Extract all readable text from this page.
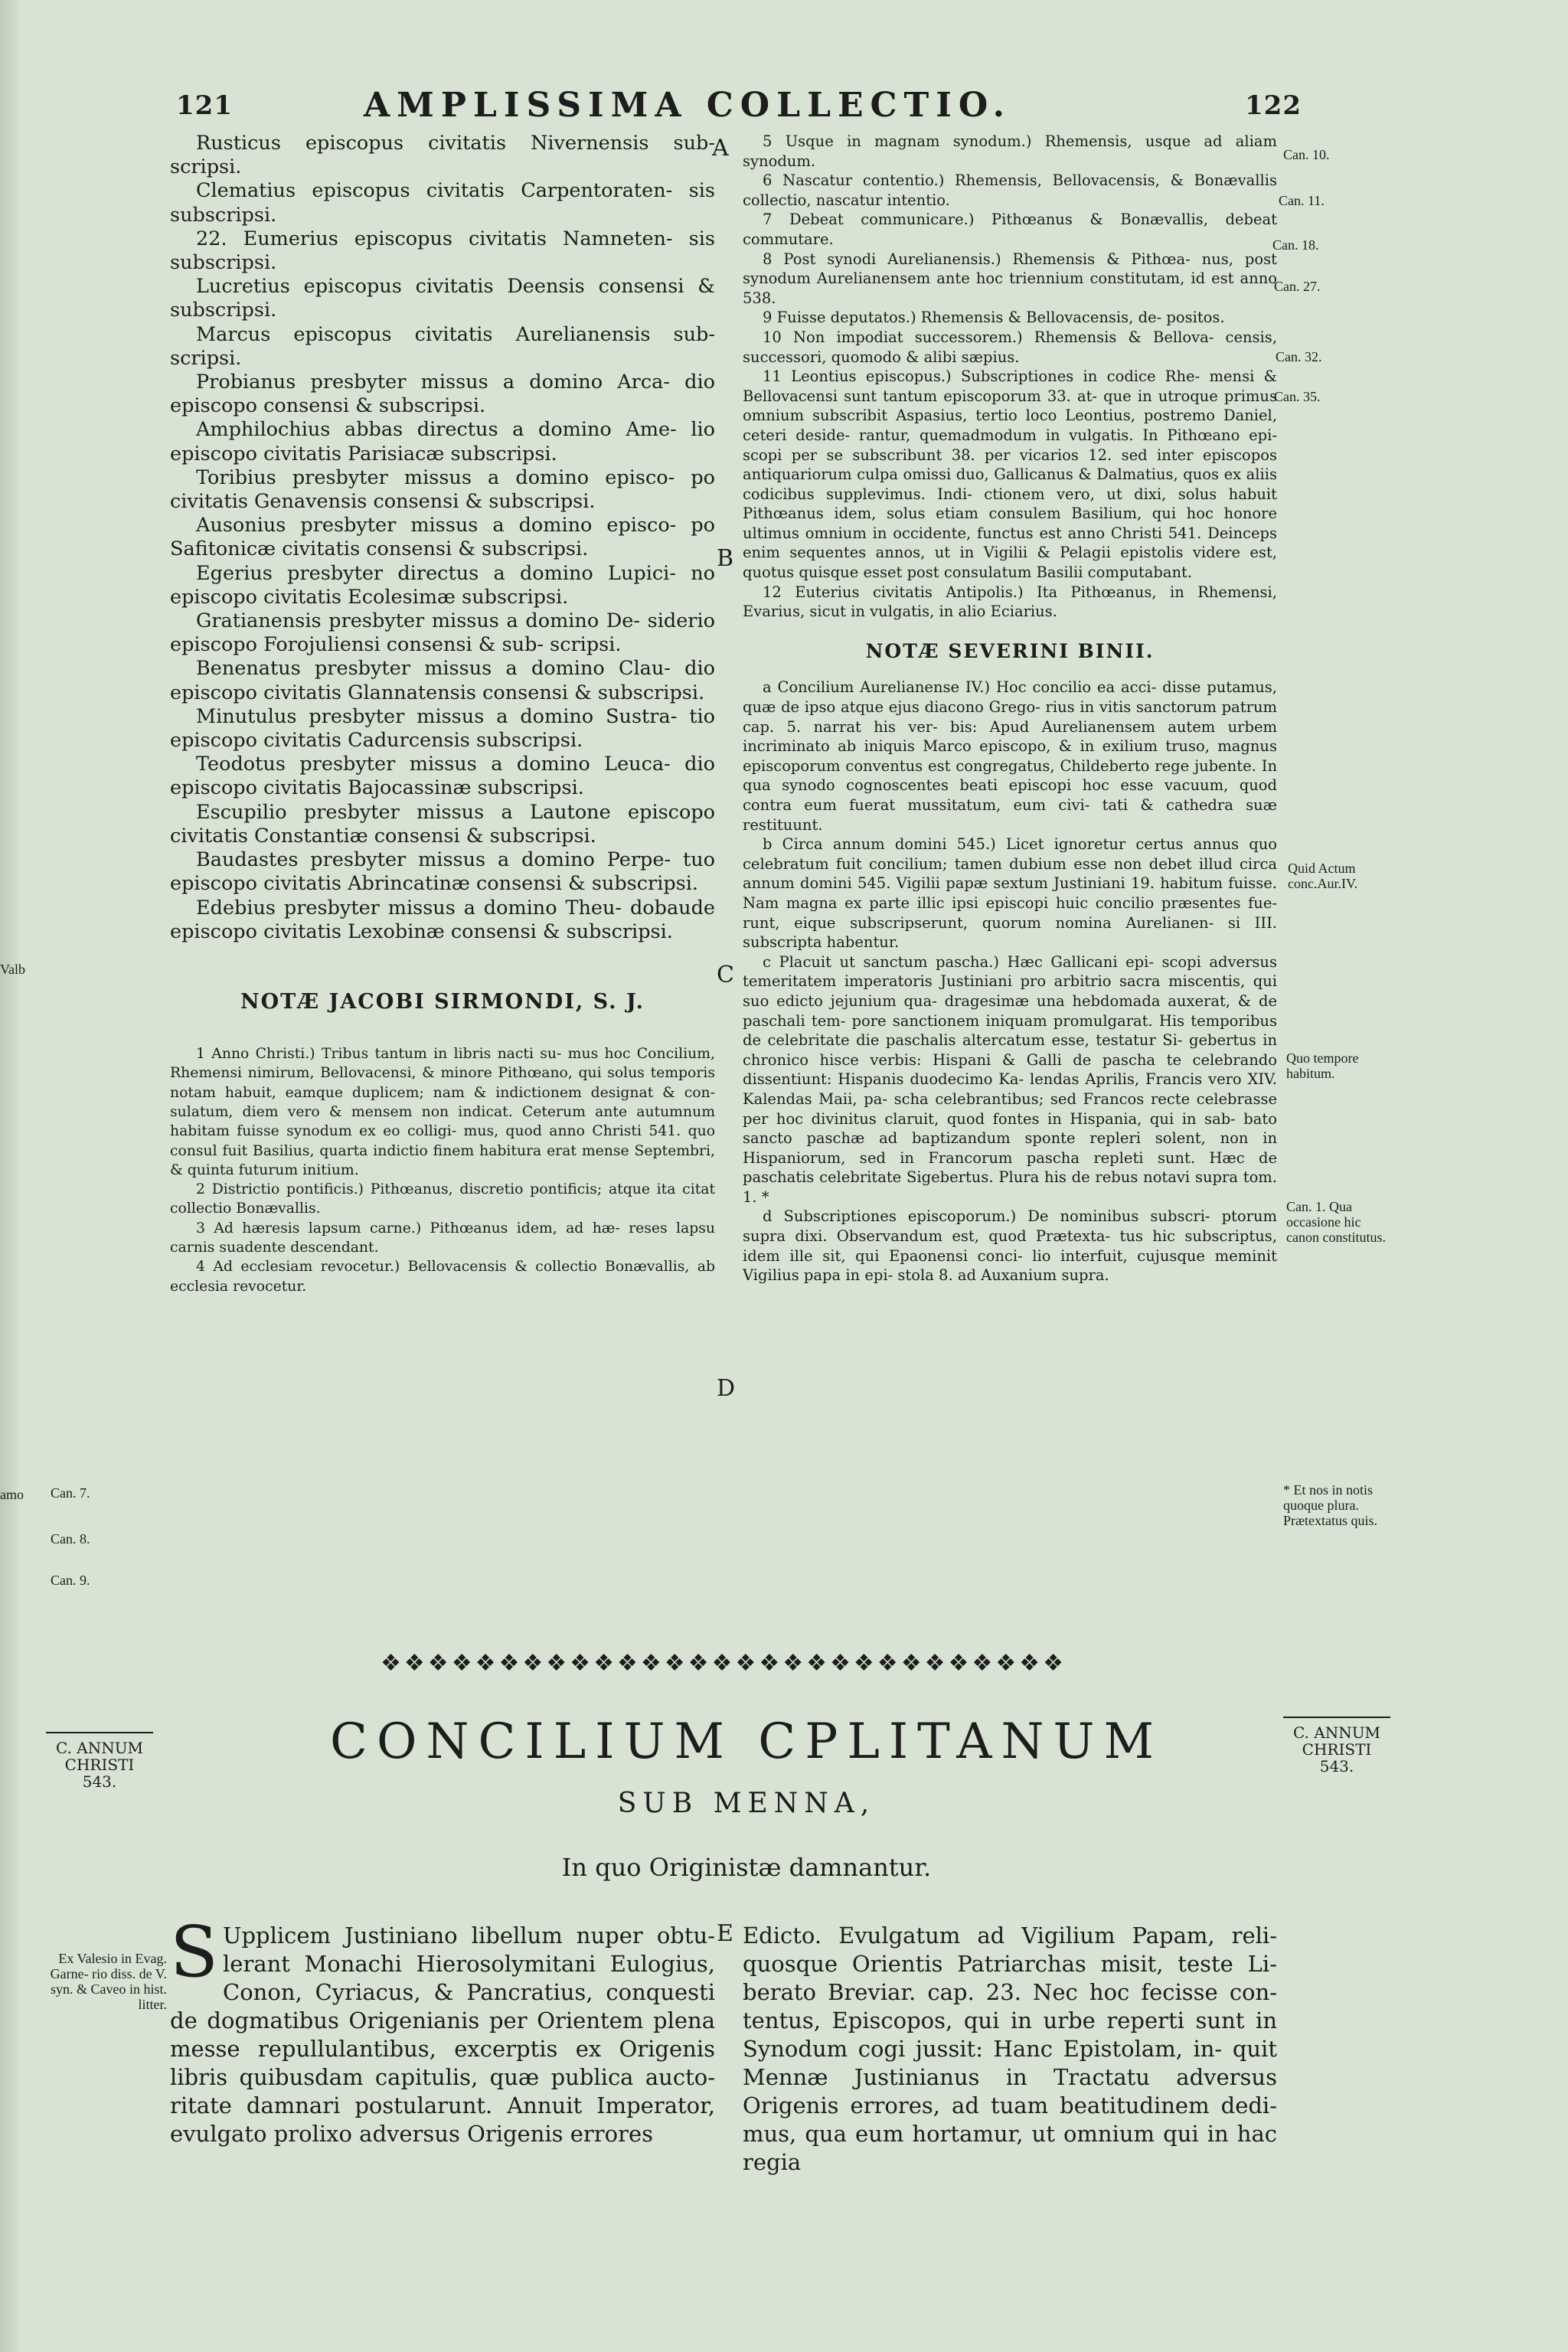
Valb
amo
121	AMPLISSIMA COLLECTIO.	122

Rusticus episcopus civitatis Nivernensis sub- scripsi.

Clematius episcopus civitatis Carpentoraten- sis subscripsi.

22. Eumerius episcopus civitatis Namneten- sis subscripsi.

Lucretius episcopus civitatis Deensis consensi & subscripsi.

Marcus episcopus civitatis Aurelianensis sub- scripsi.

Probianus presbyter missus a domino Arca- dio episcopo consensi & subscripsi.

Amphilochius abbas directus a domino Ame- lio episcopo civitatis Parisiacæ subscripsi.

Toribius presbyter missus a domino episco- po civitatis Genavensis consensi & subscripsi.

Ausonius presbyter missus a domino episco- po Safitonicæ civitatis consensi & subscripsi.

Egerius presbyter directus a domino Lupici- no episcopo civitatis Ecolesimæ subscripsi.

Gratianensis presbyter missus a domino De- siderio episcopo Forojuliensi consensi & sub- scripsi.

Benenatus presbyter missus a domino Clau- dio episcopo civitatis Glannatensis consensi & subscripsi.

Minutulus presbyter missus a domino Sustra- tio episcopo civitatis Cadurcensis subscripsi.

Teodotus presbyter missus a domino Leuca- dio episcopo civitatis Bajocassinæ subscripsi.

Escupilio presbyter missus a Lautone episcopo civitatis Constantiæ consensi & subscripsi.

Baudastes presbyter missus a domino Perpe- tuo episcopo civitatis Abrincatinæ consensi & subscripsi.

Edebius presbyter missus a domino Theu- dobaude episcopo civitatis Lexobinæ consensi & subscripsi.

NOTÆ JACOBI SIRMONDI, S. J.

1 Anno Christi.) Tribus tantum in libris nacti su- mus hoc Concilium, Rhemensi nimirum, Bellovacensi, & minore Pithœano, qui solus temporis notam habuit, eamque duplicem; nam & indictionem designat & con- sulatum, diem vero & mensem non indicat. Ceterum ante autumnum habitam fuisse synodum ex eo colligi- mus, quod anno Christi 541. quo consul fuit Basilius, quarta indictio finem habitura erat mense Septembri, & quinta futurum initium.

2 Districtio pontificis.) Pithœanus, discretio pontificis; atque ita citat collectio Bonævallis.

3 Ad hæresis lapsum carne.) Pithœanus idem, ad hæ- reses lapsu carnis suadente descendant.

4 Ad ecclesiam revocetur.) Bellovacensis & collectio Bonævallis, ab ecclesia revocetur.

5 Usque in magnam synodum.) Rhemensis, usque ad aliam synodum.

6 Nascatur contentio.) Rhemensis, Bellovacensis, & Bonævallis collectio, nascatur intentio.

7 Debeat communicare.) Pithœanus & Bonævallis, debeat commutare.

8 Post synodi Aurelianensis.) Rhemensis & Pithœa- nus, post synodum Aurelianensem ante hoc triennium constitutam, id est anno 538.

9 Fuisse deputatos.) Rhemensis & Bellovacensis, de- positos.

10 Non impodiat successorem.) Rhemensis & Bellova- censis, successori, quomodo & alibi sæpius.

11 Leontius episcopus.) Subscriptiones in codice Rhe- mensi & Bellovacensi sunt tantum episcoporum 33. at- que in utroque primus omnium subscribit Aspasius, tertio loco Leontius, postremo Daniel, ceteri deside- rantur, quemadmodum in vulgatis. In Pithœano epi- scopi per se subscribunt 38. per vicarios 12. sed inter episcopos antiquariorum culpa omissi duo, Gallicanus & Dalmatius, quos ex aliis codicibus supplevimus. Indi- ctionem vero, ut dixi, solus habuit Pithœanus idem, solus etiam consulem Basilium, qui hoc honore ultimus omnium in occidente, functus est anno Christi 541. Deinceps enim sequentes annos, ut in Vigilii & Pelagii epistolis videre est, quotus quisque esset post consulatum Basilii computabant.

12 Euterius civitatis Antipolis.) Ita Pithœanus, in Rhemensi, Evarius, sicut in vulgatis, in alio Eciarius.

NOTÆ SEVERINI BINII.

a Concilium Aurelianense IV.) Hoc concilio ea acci- disse putamus, quæ de ipso atque ejus diacono Grego- rius in vitis sanctorum patrum cap. 5. narrat his ver- bis: Apud Aurelianensem autem urbem incriminato ab iniquis Marco episcopo, & in exilium truso, magnus episcoporum conventus est congregatus, Childeberto rege jubente. In qua synodo cognoscentes beati episcopi hoc esse vacuum, quod contra eum fuerat mussitatum, eum civi- tati & cathedra suæ restituunt.

b Circa annum domini 545.) Licet ignoretur certus annus quo celebratum fuit concilium; tamen dubium esse non debet illud circa annum domini 545. Vigilii papæ sextum Justiniani 19. habitum fuisse. Nam magna ex parte illic ipsi episcopi huic concilio præsentes fue- runt, eique subscripserunt, quorum nomina Aurelianen- si III. subscripta habentur.

c Placuit ut sanctum pascha.) Hæc Gallicani epi- scopi adversus temeritatem imperatoris Justiniani pro arbitrio sacra miscentis, qui suo edicto jejunium qua- dragesimæ una hebdomada auxerat, & de paschali tem- pore sanctionem iniquam promulgarat. His temporibus de celebritate die paschalis altercatum esse, testatur Si- gebertus in chronico hisce verbis: Hispani & Galli de pascha te celebrando dissentiunt: Hispanis duodecimo Ka- lendas Aprilis, Francis vero XIV. Kalendas Maii, pa- scha celebrantibus; sed Francos recte celebrasse per hoc divinitus claruit, quod fontes in Hispania, qui in sab- bato sancto paschæ ad baptizandum sponte repleri solent, non in Hispaniorum, sed in Francorum pascha repleti sunt. Hæc de paschatis celebritate Sigebertus. Plura his de rebus notavi supra tom. 1. *

d Subscriptiones episcoporum.) De nominibus subscri- ptorum supra dixi. Observandum est, quod Prætexta- tus hic subscriptus, idem ille sit, qui Epaonensi conci- lio interfuit, cujusque meminit Vigilius papa in epi- stola 8. ad Auxanium supra.

A
B
C
D
E
Can. 10.
Can. 11.
Can. 18.
Can. 27.
Can. 32.
Can. 35.
Quid Actum conc.Aur.IV.
Quo tempore habitum.
Can. 1. Qua occasione hic canon constitutus.
* Et nos in notis quoque plura. Prætextatus quis.
Can. 7.
Can. 8.
Can. 9.
❖❖❖❖❖❖❖❖❖❖❖❖❖❖❖❖❖❖❖❖❖❖❖❖❖❖❖❖❖
C. ANNUM CHRISTI 543.
C. ANNUM CHRISTI 543.
CONCILIUM CPLITANUM
SUB MENNA,
In quo Originistæ damnantur.
Ex Valesio in Evag. Garne- rio diss. de V. syn. & Caveo in hist. litter.
S Upplicem Justiniano libellum nuper obtu- lerant Monachi Hierosolymitani Eulogius, Conon, Cyriacus, & Pancratius, conquesti de dogmatibus Origenianis per Orientem plena messe repullulantibus, excerptis ex Origenis libris quibusdam capitulis, quæ publica aucto- ritate damnari postularunt. Annuit Imperator, evulgato prolixo adversus Origenis errores

Edicto. Evulgatum ad Vigilium Papam, reli- quosque Orientis Patriarchas misit, teste Li- berato Breviar. cap. 23. Nec hoc fecisse con- tentus, Episcopos, qui in urbe reperti sunt in Synodum cogi jussit: Hanc Epistolam, in- quit Mennæ Justinianus in Tractatu adversus Origenis errores, ad tuam beatitudinem dedi- mus, qua eum hortamur, ut omnium qui in hac regia
